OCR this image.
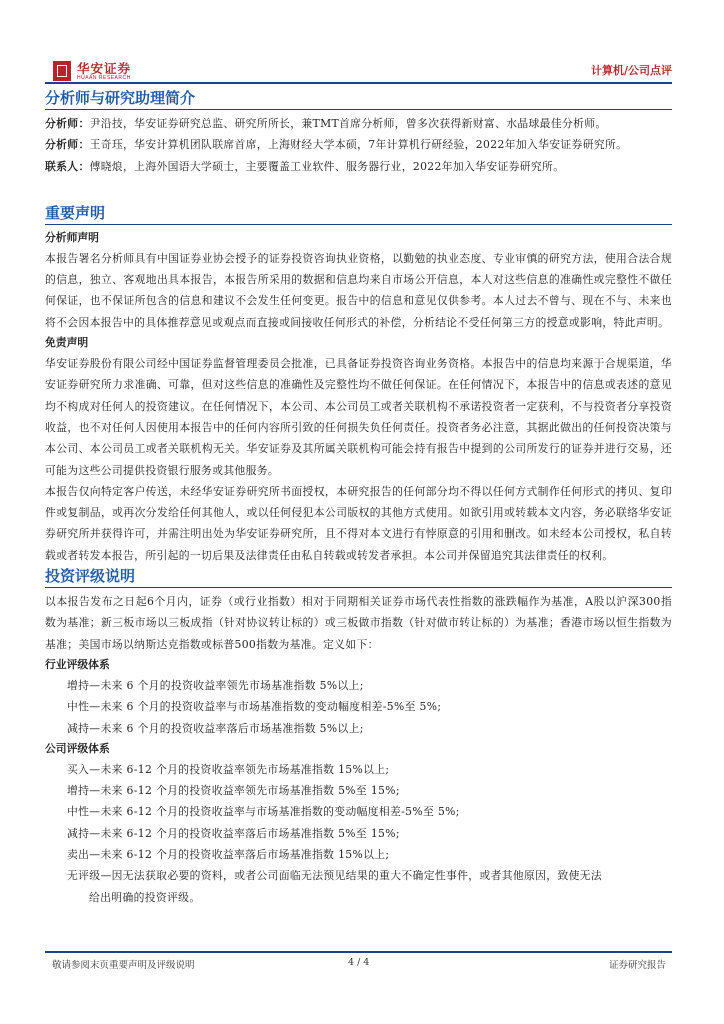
华安证券
HUAAN RESEARCH
计算机/公司点评
分析师与研究助理简介

分析师：尹沿技，华安证券研究总监、研究所所长，兼TMT首席分析师，曾多次获得新财富、水晶球最佳分析师。

分析师：王奇珏，华安计算机团队联席首席，上海财经大学本硕，7年计算机行研经验，2022年加入华安证券研究所。

联系人：傅晓烺，上海外国语大学硕士，主要覆盖工业软件、服务器行业，2022年加入华安证券研究所。

重要声明

分析师声明

本报告署名分析师具有中国证券业协会授予的证券投资咨询执业资格，以勤勉的执业态度、专业审慎的研究方法，使用合法合规的信息，独立、客观地出具本报告，本报告所采用的数据和信息均来自市场公开信息，本人对这些信息的准确性或完整性不做任何保证，也不保证所包含的信息和建议不会发生任何变更。报告中的信息和意见仅供参考。本人过去不曾与、现在不与、未来也将不会因本报告中的具体推荐意见或观点而直接或间接收任何形式的补偿，分析结论不受任何第三方的授意或影响，特此声明。

免责声明

华安证券股份有限公司经中国证券监督管理委员会批准，已具备证券投资咨询业务资格。本报告中的信息均来源于合规渠道，华安证券研究所力求准确、可靠，但对这些信息的准确性及完整性均不做任何保证。在任何情况下，本报告中的信息或表述的意见均不构成对任何人的投资建议。在任何情况下，本公司、本公司员工或者关联机构不承诺投资者一定获利，不与投资者分享投资收益，也不对任何人因使用本报告中的任何内容所引致的任何损失负任何责任。投资者务必注意，其据此做出的任何投资决策与本公司、本公司员工或者关联机构无关。华安证券及其所属关联机构可能会持有报告中提到的公司所发行的证券并进行交易，还可能为这些公司提供投资银行服务或其他服务。

本报告仅向特定客户传送，未经华安证券研究所书面授权，本研究报告的任何部分均不得以任何方式制作任何形式的拷贝、复印件或复制品，或再次分发给任何其他人，或以任何侵犯本公司版权的其他方式使用。如欲引用或转载本文内容，务必联络华安证券研究所并获得许可，并需注明出处为华安证券研究所，且不得对本文进行有悖原意的引用和删改。如未经本公司授权，私自转载或者转发本报告，所引起的一切后果及法律责任由私自转载或转发者承担。本公司并保留追究其法律责任的权利。

投资评级说明

以本报告发布之日起6个月内，证券（或行业指数）相对于同期相关证券市场代表性指数的涨跌幅作为基准，A股以沪深300指数为基准；新三板市场以三板成指（针对协议转让标的）或三板做市指数（针对做市转让标的）为基准；香港市场以恒生指数为基准；美国市场以纳斯达克指数或标普500指数为基准。定义如下：

行业评级体系

增持—未来 6 个月的投资收益率领先市场基准指数 5%以上;

中性—未来 6 个月的投资收益率与市场基准指数的变动幅度相差-5%至 5%;

减持—未来 6 个月的投资收益率落后市场基准指数 5%以上;

公司评级体系

买入—未来 6-12 个月的投资收益率领先市场基准指数 15%以上;

增持—未来 6-12 个月的投资收益率领先市场基准指数 5%至 15%;

中性—未来 6-12 个月的投资收益率与市场基准指数的变动幅度相差-5%至 5%;

减持—未来 6-12 个月的投资收益率落后市场基准指数 5%至 15%;

卖出—未来 6-12 个月的投资收益率落后市场基准指数 15%以上;

无评级—因无法获取必要的资料，或者公司面临无法预见结果的重大不确定性事件，或者其他原因，致使无法

给出明确的投资评级。

敬请参阅末页重要声明及评级说明	4 / 4	证券研究报告
